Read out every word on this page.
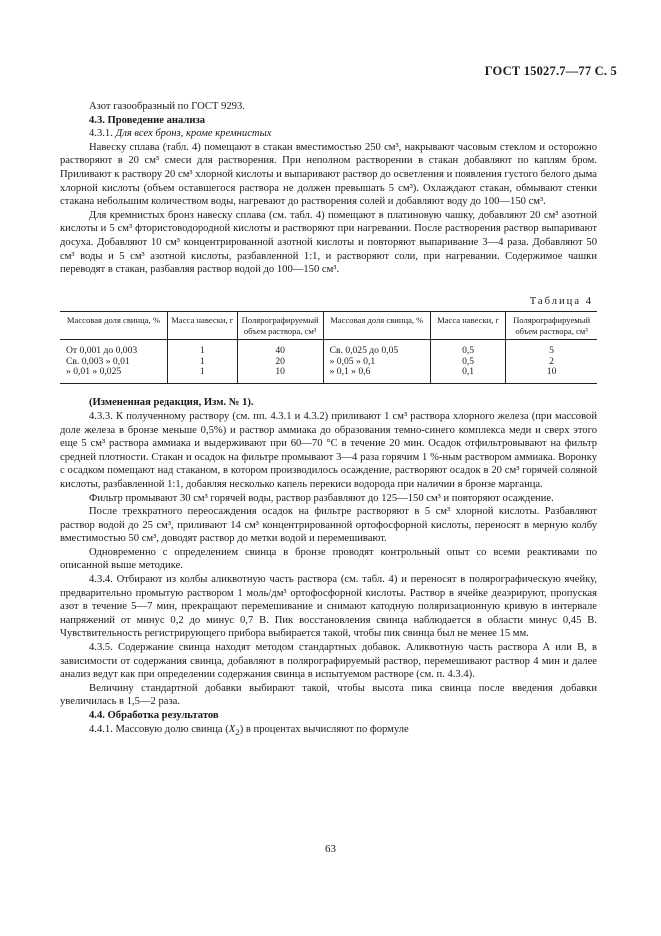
ГОСТ 15027.7—77 С. 5

Азот газообразный по ГОСТ 9293.

4.3. Проведение анализа

4.3.1. Для всех бронз, кроме кремнистых

Навеску сплава (табл. 4) помещают в стакан вместимостью 250 см³, накрывают часовым стеклом и осторожно растворяют в 20 см³ смеси для растворения. При неполном растворении в стакан добавляют по каплям бром. Приливают к раствору 20 см³ хлорной кислоты и выпаривают раствор до осветления и появления густого белого дыма хлорной кислоты (объем оставшегося раствора не должен превышать 5 см³). Охлаждают стакан, обмывают стенки стакана небольшим количеством воды, нагревают до растворения солей и добавляют воду до 100—150 см³.

Для кремнистых бронз навеску сплава (см. табл. 4) помещают в платиновую чашку, добавляют 20 см³ азотной кислоты и 5 см³ фтористоводородной кислоты и растворяют при нагревании. После растворения раствор выпаривают досуха. Добавляют 10 см³ концентрированной азотной кислоты и повторяют выпаривание 3—4 раза. Добавляют 50 см³ воды и 5 см³ азотной кислоты, разбавленной 1:1, и растворяют соли, при нагревании. Содержимое чашки переводят в стакан, разбавляя раствор водой до 100—150 см³.

Таблица 4
Массовая доля свинца, %	Масса навески, г	Полярографируемый объем раствора, см³	Массовая доля свинца, %	Масса навески, г	Полярографируемый объем раствора, см³
От 0,001 до 0,003	1	40	Св. 0,025 до 0,05	0,5	5
Св. 0,003 » 0,01	1	20	» 0,05 » 0,1	0,5	2
» 0,01 » 0,025	1	10	» 0,1 » 0,6	0,1	10

(Измененная редакция, Изм. № 1).

4.3.3. К полученному раствору (см. пп. 4.3.1 и 4.3.2) приливают 1 см³ раствора хлорного железа (при массовой доле железа в бронзе меньше 0,5%) и раствор аммиака до образования темно-синего комплекса меди и сверх этого еще 5 см³ раствора аммиака и выдерживают при 60—70 °С в течение 20 мин. Осадок отфильтровывают на фильтр средней плотности. Стакан и осадок на фильтре промывают 3—4 раза горячим 1 %-ным раствором аммиака. Воронку с осадком помещают над стаканом, в котором производилось осаждение, растворяют осадок в 20 см³ горячей соляной кислоты, разбавленной 1:1, добавляя несколько капель перекиси водорода при наличии в бронзе марганца.

Фильтр промывают 30 см³ горячей воды, раствор разбавляют до 125—150 см³ и повторяют осаждение.

После трехкратного переосаждения осадок на фильтре растворяют в 5 см³ хлорной кислоты. Разбавляют раствор водой до 25 см³, приливают 14 см³ концентрированной ортофосфорной кислоты, переносят в мерную колбу вместимостью 50 см³, доводят раствор до метки водой и перемешивают.

Одновременно с определением свинца в бронзе проводят контрольный опыт со всеми реактивами по описанной выше методике.

4.3.4. Отбирают из колбы аликвотную часть раствора (см. табл. 4) и переносят в полярографическую ячейку, предварительно промытую раствором 1 моль/дм³ ортофосфорной кислоты. Раствор в ячейке деаэрируют, пропуская азот в течение 5—7 мин, прекращают перемешивание и снимают катодную поляризационную кривую в интервале напряжений от минус 0,2 до минус 0,7 В. Пик восстановления свинца наблюдается в области минус 0,45 В. Чувствительность регистрирующего прибора выбирается такой, чтобы пик свинца был не менее 15 мм.

4.3.5. Содержание свинца находят методом стандартных добавок. Аликвотную часть раствора А или В, в зависимости от содержания свинца, добавляют в полярографируемый раствор, перемешивают раствор 4 мин и далее анализ ведут как при определении содержания свинца в испытуемом растворе (см. п. 4.3.4).

Величину стандартной добавки выбирают такой, чтобы высота пика свинца после введения добавки увеличилась в 1,5—2 раза.

4.4. Обработка результатов

4.4.1. Массовую долю свинца $(X_2)$ в процентах вычисляют по формуле

63
